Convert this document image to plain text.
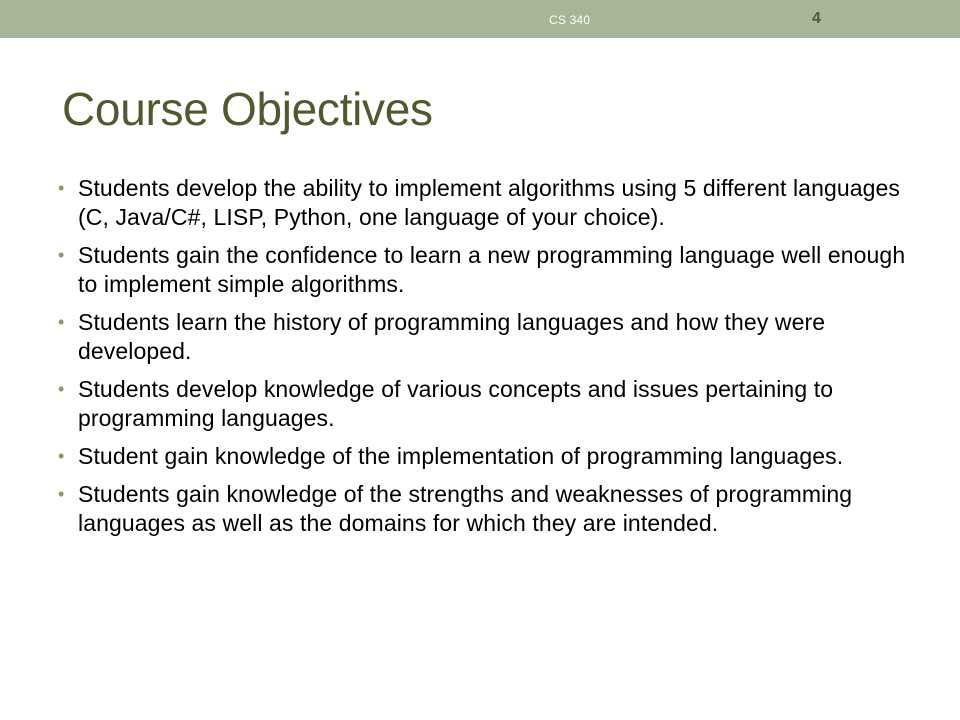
CS 340	4
Course Objectives
• Students develop the ability to implement algorithms using 5 different languages (C, Java/C#, LISP, Python, one language of your choice).
• Students gain the confidence to learn a new programming language well enough to implement simple algorithms.
• Students learn the history of programming languages and how they were developed.
• Students develop knowledge of various concepts and issues pertaining to programming languages.
• Student gain knowledge of the implementation of programming languages.
• Students gain knowledge of the strengths and weaknesses of programming languages as well as the domains for which they are intended.
